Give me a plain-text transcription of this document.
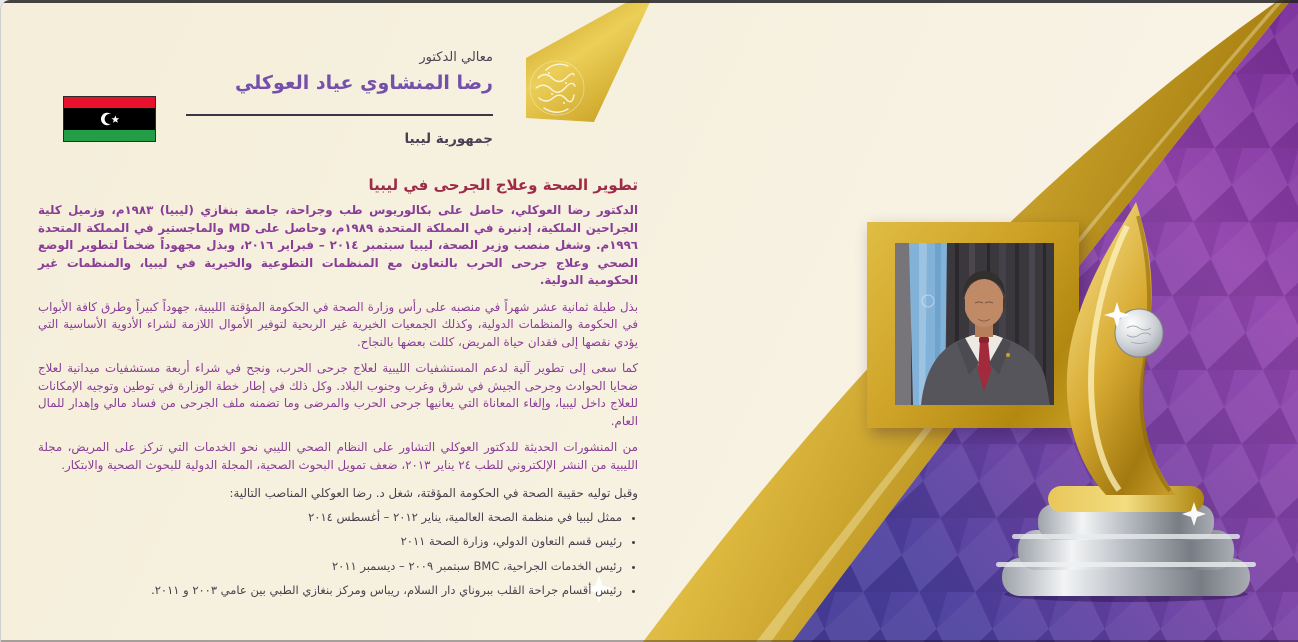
معالي الدكتور
رضا المنشاوي عياد العوكلي
جمهورية ليبيا
تطوير الصحة وعلاج الجرحى في ليبيا

الدكتور رضا العوكلي، حاصل على بكالوريوس طب وجراحة، جامعة بنغازي (ليبيا) ١٩٨٣م، وزميل كلية الجراحين الملكية، إدنبرة في المملكة المتحدة ١٩٨٩م، وحاصل على MD والماجستير في المملكة المتحدة ١٩٩٦م. وشغل منصب وزير الصحة، ليبيا سبتمبر ٢٠١٤ – فبراير ٢٠١٦، وبذل مجهوداً ضخماً لتطوير الوضع الصحي وعلاج جرحى الحرب بالتعاون مع المنظمات التطوعية والخيرية في ليبيا، والمنظمات غير الحكومية الدولية.

بذل طيلة ثمانية عشر شهراً في منصبه على رأس وزارة الصحة في الحكومة المؤقتة الليبية، جهوداً كبيراً وطرق كافة الأبواب في الحكومة والمنظمات الدولية، وكذلك الجمعيات الخيرية غير الربحية لتوفير الأموال اللازمة لشراء الأدوية الأساسية التي يؤدي نقصها إلى فقدان حياة المريض، كللت بعضها بالنجاح.

كما سعى إلى تطوير آلية لدعم المستشفيات الليبية لعلاج جرحى الحرب، ونجح في شراء أربعة مستشفيات ميدانية لعلاج ضحايا الحوادث وجرحى الجيش في شرق وغرب وجنوب البلاد. وكل ذلك في إطار خطة الوزارة في توطين وتوجيه الإمكانات للعلاج داخل ليبيا، وإلغاء المعاناة التي يعانيها جرحى الحرب والمرضى وما تضمنه ملف الجرحى من فساد مالي وإهدار للمال العام.

من المنشورات الحديثة للدكتور العوكلي التشاور على النظام الصحي الليبي نحو الخدمات التي تركز على المريض، مجلة الليبية من النشر الإلكتروني للطب ٢٤ يناير ٢٠١٣، ضعف تمويل البحوث الصحية، المجلة الدولية للبحوث الصحية والابتكار.

وقبل توليه حقيبة الصحة في الحكومة المؤقتة، شغل د. رضا العوكلي المناصب التالية:

• ممثل ليبيا في منظمة الصحة العالمية، يناير ٢٠١٢ – أغسطس ٢٠١٤
• رئيس قسم التعاون الدولي، وزارة الصحة ٢٠١١
• رئيس الخدمات الجراحية، BMC سبتمبر ٢٠٠٩ – ديسمبر ٢٠١١
• رئيس أقسام جراحة القلب ببروناي دار السلام، ريباس ومركز بنغازي الطبي بين عامي ٢٠٠٣ و ٢٠١١.
